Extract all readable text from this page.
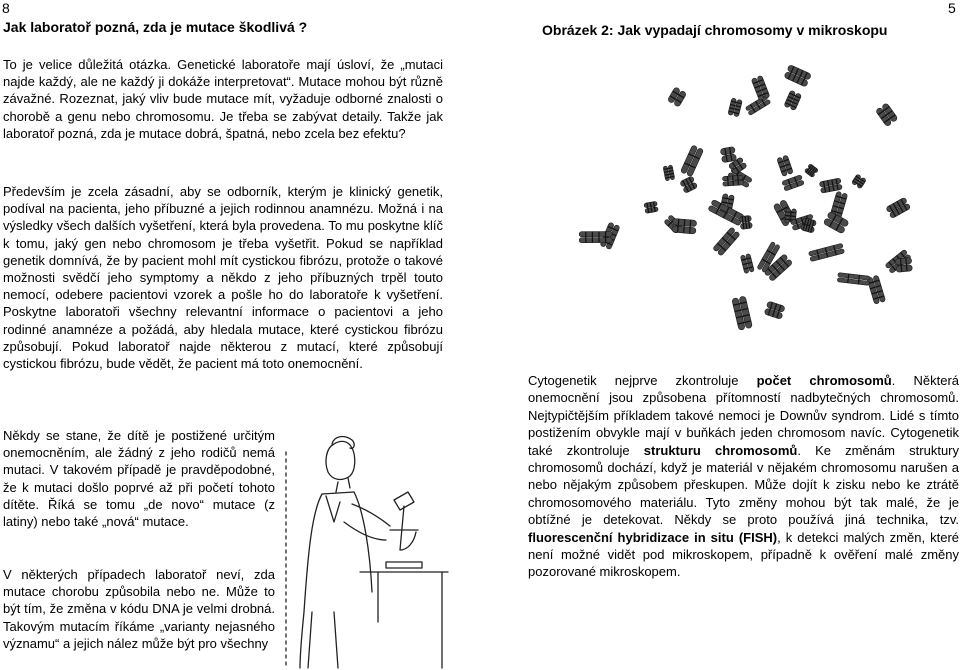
8
Jak laboratoř pozná, zda je mutace škodlivá ?

To je velice důležitá otázka. Genetické laboratoře mají úsloví, že „mutaci najde každý, ale ne každý ji dokáže interpretovat“. Mutace mohou být různě závažné. Rozeznat, jaký vliv bude mutace mít, vyžaduje odborné znalosti o chorobě a genu nebo chromosomu. Je třeba se zabývat detaily. Takže jak laboratoř pozná, zda je mutace dobrá, špatná, nebo zcela bez efektu?

Především je zcela zásadní, aby se odborník, kterým je klinický genetik, podíval na pacienta, jeho příbuzné a jejich rodinnou anamnézu. Možná i na výsledky všech dalších vyšetření, která byla provedena. To mu poskytne klíč k tomu, jaký gen nebo chromosom je třeba vyšetřit. Pokud se například genetik domnívá, že by pacient mohl mít cystickou fibrózu, protože o takové možnosti svědčí jeho symptomy a někdo z jeho příbuzných trpěl touto nemocí, odebere pacientovi vzorek a pošle ho do laboratoře k vyšetření. Poskytne laboratoři všechny relevantní informace o pacientovi a jeho rodinné anamnéze a požádá, aby hledala mutace, které cystickou fibrózu způsobují. Pokud laboratoř najde některou z mutací, které způsobují cystickou fibrózu, bude vědět, že pacient má toto onemocnění.

Někdy se stane, že dítě je postižené určitým onemocněním, ale žádný z jeho rodičů nemá mutaci. V takovém případě je pravděpodobné, že k mutaci došlo poprvé až při početí tohoto dítěte. Říká se tomu „de novo“ mutace (z latiny) nebo také „nová“ mutace.

V některých případech laboratoř neví, zda mutace chorobu způsobila nebo ne. Může to být tím, že změna v kódu DNA je velmi drobná. Takovým mutacím říkáme „varianty nejasného významu“ a jejich nález může být pro všechny

5
Obrázek 2: Jak vypadají chromosomy v mikroskopu

Cytogenetik nejprve zkontroluje počet chromosomů. Některá onemocnění jsou způsobena přítomností nadbytečných chromosomů. Nejtypičtějším příkladem takové nemoci je Downův syndrom. Lidé s tímto postižením obvykle mají v buňkách jeden chromosom navíc. Cytogenetik také zkontroluje strukturu chromosomů. Ke změnám struktury chromosomů dochází, když je materiál v nějakém chromosomu narušen a nebo nějakým způsobem přeskupen. Může dojít k zisku nebo ke ztrátě chromosomového materiálu. Tyto změny mohou být tak malé, že je obtížné je detekovat. Někdy se proto používá jiná technika, tzv. fluorescenční hybridizace in situ (FISH), k detekci malých změn, které není možné vidět pod mikroskopem, případně k ověření malé změny pozorované mikroskopem.
